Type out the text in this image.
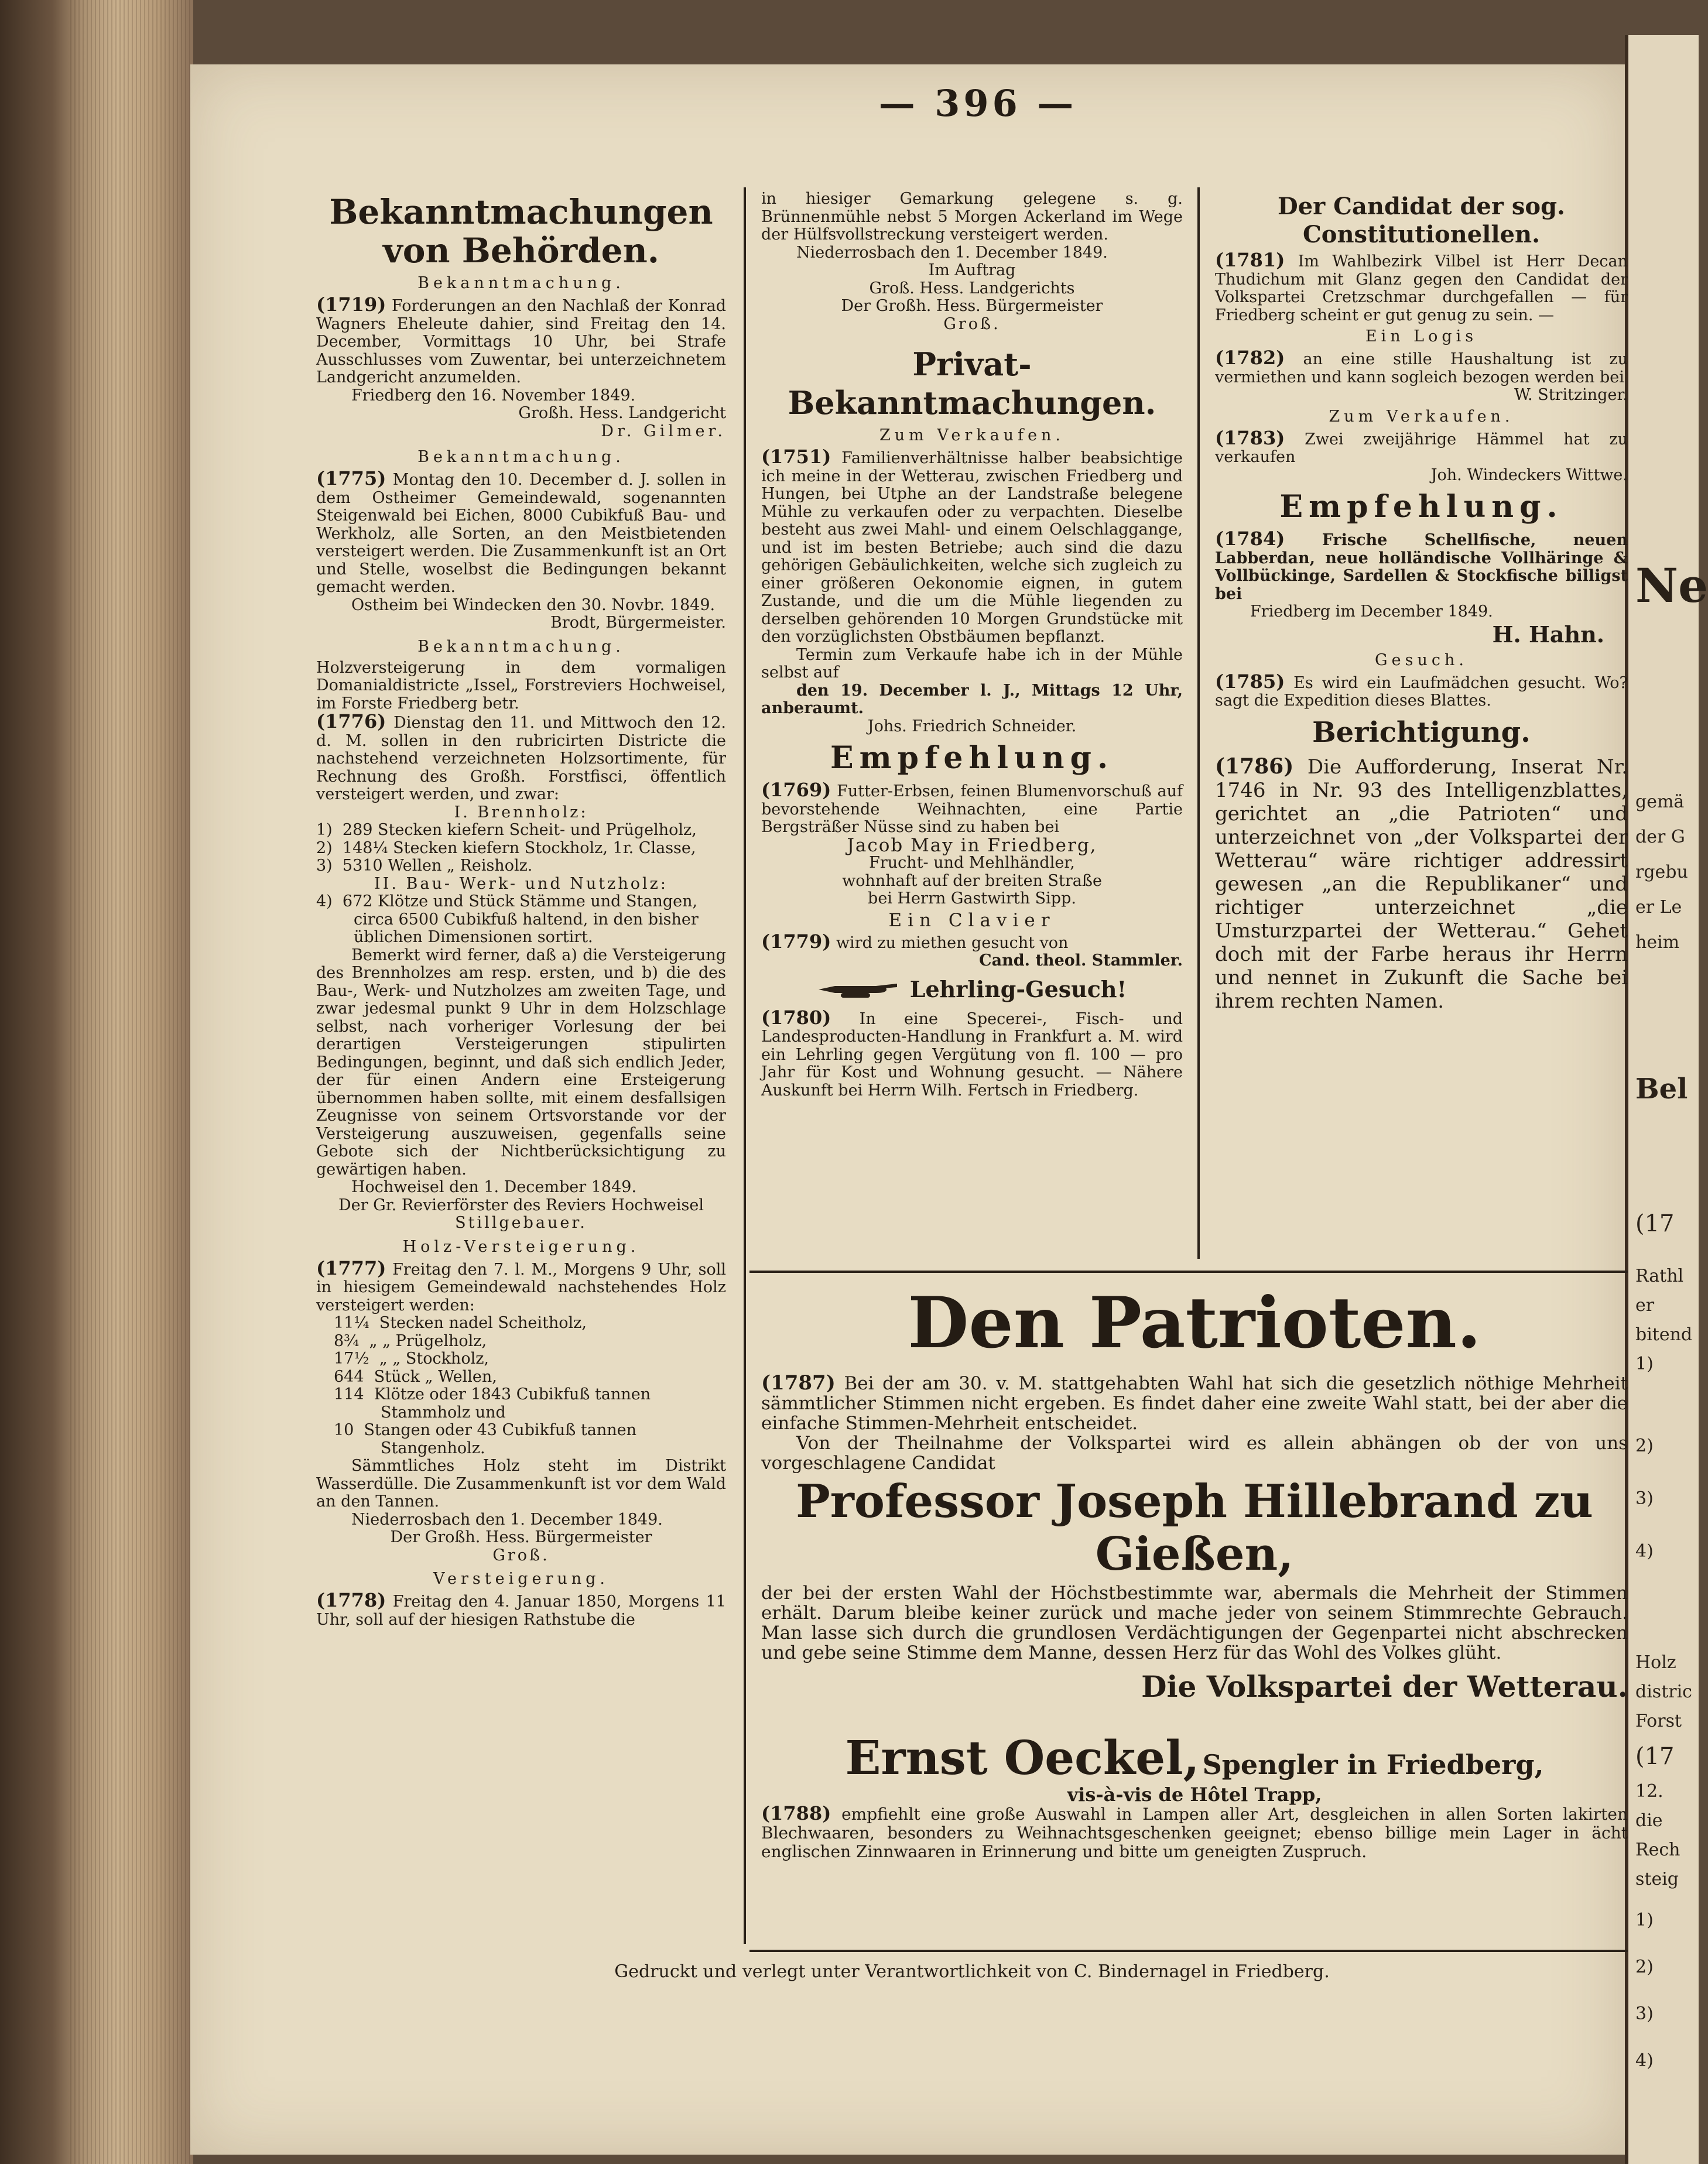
Ne
gemä
der G
rgebu
er Le
heim
Bel
(17
Rathl
er
bitend
1)
2)
3)
4)
Holz
distric
Forst
(17
12.
die
Rech
steig
1)
2)
3)
4)
— 396 —
Bekanntmachungen von Behörden.
Bekanntmachung.

(1719) Forderungen an den Nachlaß der Konrad Wagners Eheleute dahier, sind Freitag den 14. December, Vormittags 10 Uhr, bei Strafe Ausschlusses vom Zuwentar, bei unterzeichnetem Landgericht anzumelden.

Friedberg den 16. November 1849.

Großh. Hess. Landgericht

Dr. Gilmer.

Bekanntmachung.

(1775) Montag den 10. December d. J. sollen in dem Ostheimer Gemeindewald, sogenannten Steigenwald bei Eichen, 8000 Cubikfuß Bau- und Werkholz, alle Sorten, an den Meistbietenden versteigert werden. Die Zusammenkunft ist an Ort und Stelle, woselbst die Bedingungen bekannt gemacht werden.

Ostheim bei Windecken den 30. Novbr. 1849.

Brodt, Bürgermeister.

Bekanntmachung.

Holzversteigerung in dem vormaligen Domanialdistricte „Issel„ Forstreviers Hochweisel, im Forste Friedberg betr.

(1776) Dienstag den 11. und Mittwoch den 12. d. M. sollen in den rubricirten Districte die nachstehend verzeichneten Holzsortimente, für Rechnung des Großh. Forstfisci, öffentlich versteigert werden, und zwar:

I. Brennholz:

1) 289 Stecken kiefern Scheit- und Prügelholz,

2) 148¼ Stecken kiefern Stockholz, 1r. Classe,

3) 5310 Wellen „ Reisholz.

II. Bau- Werk- und Nutzholz:

4) 672 Klötze und Stück Stämme und Stangen, circa 6500 Cubikfuß haltend, in den bisher üblichen Dimensionen sortirt.

Bemerkt wird ferner, daß a) die Versteigerung des Brennholzes am resp. ersten, und b) die des Bau-, Werk- und Nutzholzes am zweiten Tage, und zwar jedesmal punkt 9 Uhr in dem Holzschlage selbst, nach vorheriger Vorlesung der bei derartigen Versteigerungen stipulirten Bedingungen, beginnt, und daß sich endlich Jeder, der für einen Andern eine Ersteigerung übernommen haben sollte, mit einem desfallsigen Zeugnisse von seinem Ortsvorstande vor der Versteigerung auszuweisen, gegenfalls seine Gebote sich der Nichtberücksichtigung zu gewärtigen haben.

Hochweisel den 1. December 1849.

Der Gr. Revierförster des Reviers Hochweisel

Stillgebauer.

Holz-Versteigerung.

(1777) Freitag den 7. l. M., Morgens 9 Uhr, soll in hiesigem Gemeindewald nachstehendes Holz versteigert werden:

11¼ Stecken nadel Scheitholz,

8¾ „ „ Prügelholz,

17½ „ „ Stockholz,

644 Stück „ Wellen,

114 Klötze oder 1843 Cubikfuß tannen Stammholz und

10 Stangen oder 43 Cubikfuß tannen Stangenholz.

Sämmtliches Holz steht im Distrikt Wasserdülle. Die Zusammenkunft ist vor dem Wald an den Tannen.

Niederrosbach den 1. December 1849.

Der Großh. Hess. Bürgermeister

Groß.

Versteigerung.

(1778) Freitag den 4. Januar 1850, Morgens 11 Uhr, soll auf der hiesigen Rathstube die

in hiesiger Gemarkung gelegene s. g. Brünnenmühle nebst 5 Morgen Ackerland im Wege der Hülfsvollstreckung versteigert werden.

Niederrosbach den 1. December 1849.

Im Auftrag

Groß. Hess. Landgerichts

Der Großh. Hess. Bürgermeister

Groß.

Privat-Bekanntmachungen.
Zum Verkaufen.

(1751) Familienverhältnisse halber beabsichtige ich meine in der Wetterau, zwischen Friedberg und Hungen, bei Utphe an der Landstraße belegene Mühle zu verkaufen oder zu verpachten. Dieselbe besteht aus zwei Mahl- und einem Oelschlaggange, und ist im besten Betriebe; auch sind die dazu gehörigen Gebäulichkeiten, welche sich zugleich zu einer größeren Oekonomie eignen, in gutem Zustande, und die um die Mühle liegenden zu derselben gehörenden 10 Morgen Grundstücke mit den vorzüglichsten Obstbäumen bepflanzt.

Termin zum Verkaufe habe ich in der Mühle selbst auf

den 19. December l. J., Mittags 12 Uhr, anberaumt.

Johs. Friedrich Schneider.

Empfehlung.

(1769) Futter-Erbsen, feinen Blumenvorschuß auf bevorstehende Weihnachten, eine Partie Bergsträßer Nüsse sind zu haben bei

Jacob May in Friedberg,

Frucht- und Mehlhändler,

wohnhaft auf der breiten Straße

bei Herrn Gastwirth Sipp.

Ein Clavier

(1779) wird zu miethen gesucht von

Cand. theol. Stammler.

Lehrling-Gesuch!

(1780) In eine Specerei-, Fisch- und Landesproducten-Handlung in Frankfurt a. M. wird ein Lehrling gegen Vergütung von fl. 100 — pro Jahr für Kost und Wohnung gesucht. — Nähere Auskunft bei Herrn Wilh. Fertsch in Friedberg.

Der Candidat der sog. Constitutionellen.

(1781) Im Wahlbezirk Vilbel ist Herr Decan Thudichum mit Glanz gegen den Candidat der Volkspartei Cretzschmar durchgefallen — für Friedberg scheint er gut genug zu sein. —

Ein Logis

(1782) an eine stille Haushaltung ist zu vermiethen und kann sogleich bezogen werden bei

W. Stritzinger.

Zum Verkaufen.

(1783) Zwei zweijährige Hämmel hat zu verkaufen

Joh. Windeckers Wittwe.

Empfehlung.

(1784) Frische Schellfische, neuen Labberdan, neue holländische Vollhäringe & Vollbückinge, Sardellen & Stockfische billigst bei

Friedberg im December 1849.

H. Hahn.

Gesuch.

(1785) Es wird ein Laufmädchen gesucht. Wo? sagt die Expedition dieses Blattes.

Berichtigung.

(1786) Die Aufforderung, Inserat Nr. 1746 in Nr. 93 des Intelligenzblattes, gerichtet an „die Patrioten“ und unterzeichnet von „der Volkspartei der Wetterau“ wäre richtiger addressirt gewesen „an die Republikaner“ und richtiger unterzeichnet „die Umsturzpartei der Wetterau.“ Gehet doch mit der Farbe heraus ihr Herrn und nennet in Zukunft die Sache bei ihrem rechten Namen.

Den Patrioten.

(1787) Bei der am 30. v. M. stattgehabten Wahl hat sich die gesetzlich nöthige Mehrheit sämmtlicher Stimmen nicht ergeben. Es findet daher eine zweite Wahl statt, bei der aber die einfache Stimmen-Mehrheit entscheidet.

Von der Theilnahme der Volkspartei wird es allein abhängen ob der von uns vorgeschlagene Candidat

Professor Joseph Hillebrand zu Gießen,

der bei der ersten Wahl der Höchstbestimmte war, abermals die Mehrheit der Stimmen erhält. Darum bleibe keiner zurück und mache jeder von seinem Stimmrechte Gebrauch. Man lasse sich durch die grundlosen Verdächtigungen der Gegenpartei nicht abschrecken und gebe seine Stimme dem Manne, dessen Herz für das Wohl des Volkes glüht.

Die Volkspartei der Wetterau.
Ernst Oeckel, Spengler in Friedberg,

vis-à-vis de Hôtel Trapp,

(1788) empfiehlt eine große Auswahl in Lampen aller Art, desgleichen in allen Sorten lakirten Blechwaaren, besonders zu Weihnachtsgeschenken geeignet; ebenso billige mein Lager in ächt englischen Zinnwaaren in Erinnerung und bitte um geneigten Zuspruch.

Gedruckt und verlegt unter Verantwortlichkeit von C. Bindernagel in Friedberg.
